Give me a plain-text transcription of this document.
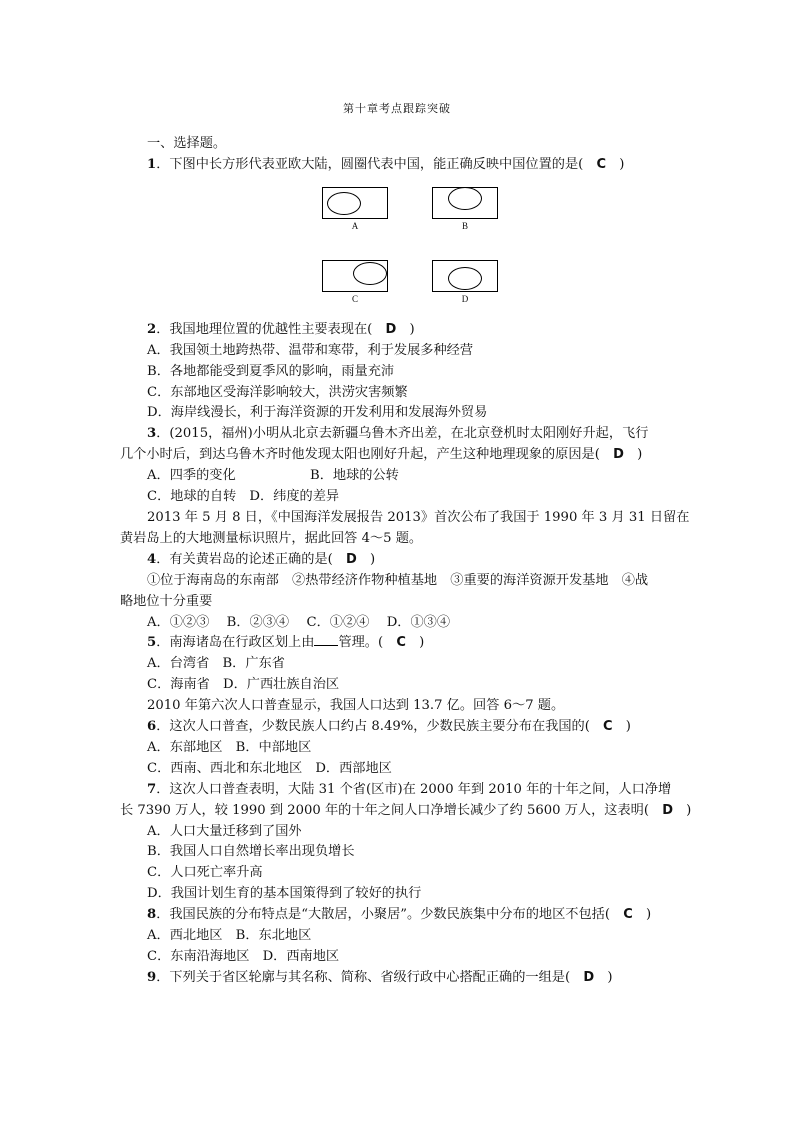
第十章考点跟踪突破

一、选择题。

1．下图中长方形代表亚欧大陆，圆圈代表中国，能正确反映中国位置的是(　 C　 )

A	B
C	D

2．我国地理位置的优越性主要表现在(　 D　 )

A．我国领土地跨热带、温带和寒带，利于发展多种经营

B．各地都能受到夏季风的影响，雨量充沛

C．东部地区受海洋影响较大，洪涝灾害频繁

D．海岸线漫长，利于海洋资源的开发利用和发展海外贸易

3．(2015，福州)小明从北京去新疆乌鲁木齐出差，在北京登机时太阳刚好升起，飞行

几个小时后，到达乌鲁木齐时他发现太阳也刚好升起，产生这种地理现象的原因是(　 D　 )

A．四季的变化	B．地球的公转

C．地球的自转　D．纬度的差异

2013 年 5 月 8 日，《中国海洋发展报告 2013》首次公布了我国于 1990 年 3 月 31 日留在

黄岩岛上的大地测量标识照片，据此回答 4～5 题。

4．有关黄岩岛的论述正确的是(　 D　 )

①位于海南岛的东南部　②热带经济作物种植基地　③重要的海洋资源开发基地　④战

略地位十分重要

A．①②③　 B．②③④　 C．①②④　 D．①③④

5．南海诸岛在行政区划上由 管理。(　 C　 )

A．台湾省　B．广东省

C．海南省　D．广西壮族自治区

2010 年第六次人口普查显示，我国人口达到 13.7 亿。回答 6～7 题。

6．这次人口普查，少数民族人口约占 8.49%，少数民族主要分布在我国的(　 C　 )

A．东部地区　B．中部地区

C．西南、西北和东北地区　D．西部地区

7．这次人口普查表明，大陆 31 个省(区市)在 2000 年到 2010 年的十年之间，人口净增

长 7390 万人，较 1990 到 2000 年的十年之间人口净增长减少了约 5600 万人，这表明(　 D　 )

A．人口大量迁移到了国外

B．我国人口自然增长率出现负增长

C．人口死亡率升高

D．我国计划生育的基本国策得到了较好的执行

8．我国民族的分布特点是“大散居，小聚居”。少数民族集中分布的地区不包括(　 C　 )

A．西北地区　B．东北地区

C．东南沿海地区　D．西南地区

9．下列关于省区轮廓与其名称、简称、省级行政中心搭配正确的一组是(　 D　 )
